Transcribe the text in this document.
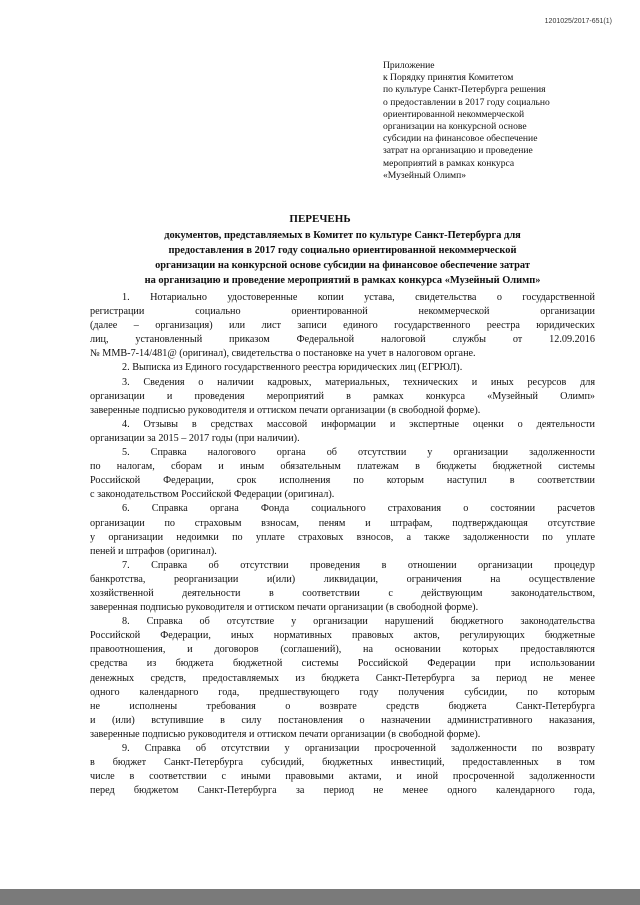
1201025/2017-651(1)
Приложение
к Порядку принятия Комитетом
по культуре Санкт-Петербурга решения
о предоставлении в 2017 году социально
ориентированной некоммерческой
организации на конкурсной основе
субсидии на финансовое обеспечение
затрат на организацию и проведение
мероприятий в рамках конкурса
«Музейный Олимп»
ПЕРЕЧЕНЬ
документов, представляемых в Комитет по культуре Санкт-Петербурга для
предоставления в 2017 году социально ориентированной некоммерческой
организации на конкурсной основе субсидии на финансовое обеспечение затрат
на организацию и проведение мероприятий в рамках конкурса «Музейный Олимп»
1. Нотариально удостоверенные копии устава, свидетельства о государственной
регистрации социально ориентированной некоммерческой организации
(далее – организация) или лист записи единого государственного реестра юридических
лиц, установленный приказом Федеральной налоговой службы от 12.09.2016
№ ММВ-7-14/481@ (оригинал), свидетельства о постановке на учет в налоговом органе.
2. Выписка из Единого государственного реестра юридических лиц (ЕГРЮЛ).
3. Сведения о наличии кадровых, материальных, технических и иных ресурсов для
организации и проведения мероприятий в рамках конкурса «Музейный Олимп»
заверенные подписью руководителя и оттиском печати организации (в свободной форме).
4. Отзывы в средствах массовой информации и экспертные оценки о деятельности
организации за 2015 – 2017 годы (при наличии).
5. Справка налогового органа об отсутствии у организации задолженности
по налогам, сборам и иным обязательным платежам в бюджеты бюджетной системы
Российской Федерации, срок исполнения по которым наступил в соответствии
с законодательством Российской Федерации (оригинал).
6. Справка органа Фонда социального страхования о состоянии расчетов
организации по страховым взносам, пеням и штрафам, подтверждающая отсутствие
у организации недоимки по уплате страховых взносов, а также задолженности по уплате
пеней и штрафов (оригинал).
7. Справка об отсутствии проведения в отношении организации процедур
банкротства, реорганизации и(или) ликвидации, ограничения на осуществление
хозяйственной деятельности в соответствии с действующим законодательством,
заверенная подписью руководителя и оттиском печати организации (в свободной форме).
8. Справка об отсутствие у организации нарушений бюджетного законодательства
Российской Федерации, иных нормативных правовых актов, регулирующих бюджетные
правоотношения, и договоров (соглашений), на основании которых предоставляются
средства из бюджета бюджетной системы Российской Федерации при использовании
денежных средств, предоставляемых из бюджета Санкт-Петербурга за период не менее
одного календарного года, предшествующего году получения субсидии, по которым
не исполнены требования о возврате средств бюджета Санкт-Петербурга
и (или) вступившие в силу постановления о назначении административного наказания,
заверенные подписью руководителя и оттиском печати организации (в свободной форме).
9. Справка об отсутствии у организации просроченной задолженности по возврату
в бюджет Санкт-Петербурга субсидий, бюджетных инвестиций, предоставленных в том
числе в соответствии с иными правовыми актами, и иной просроченной задолженности
перед бюджетом Санкт-Петербурга за период не менее одного календарного года,
